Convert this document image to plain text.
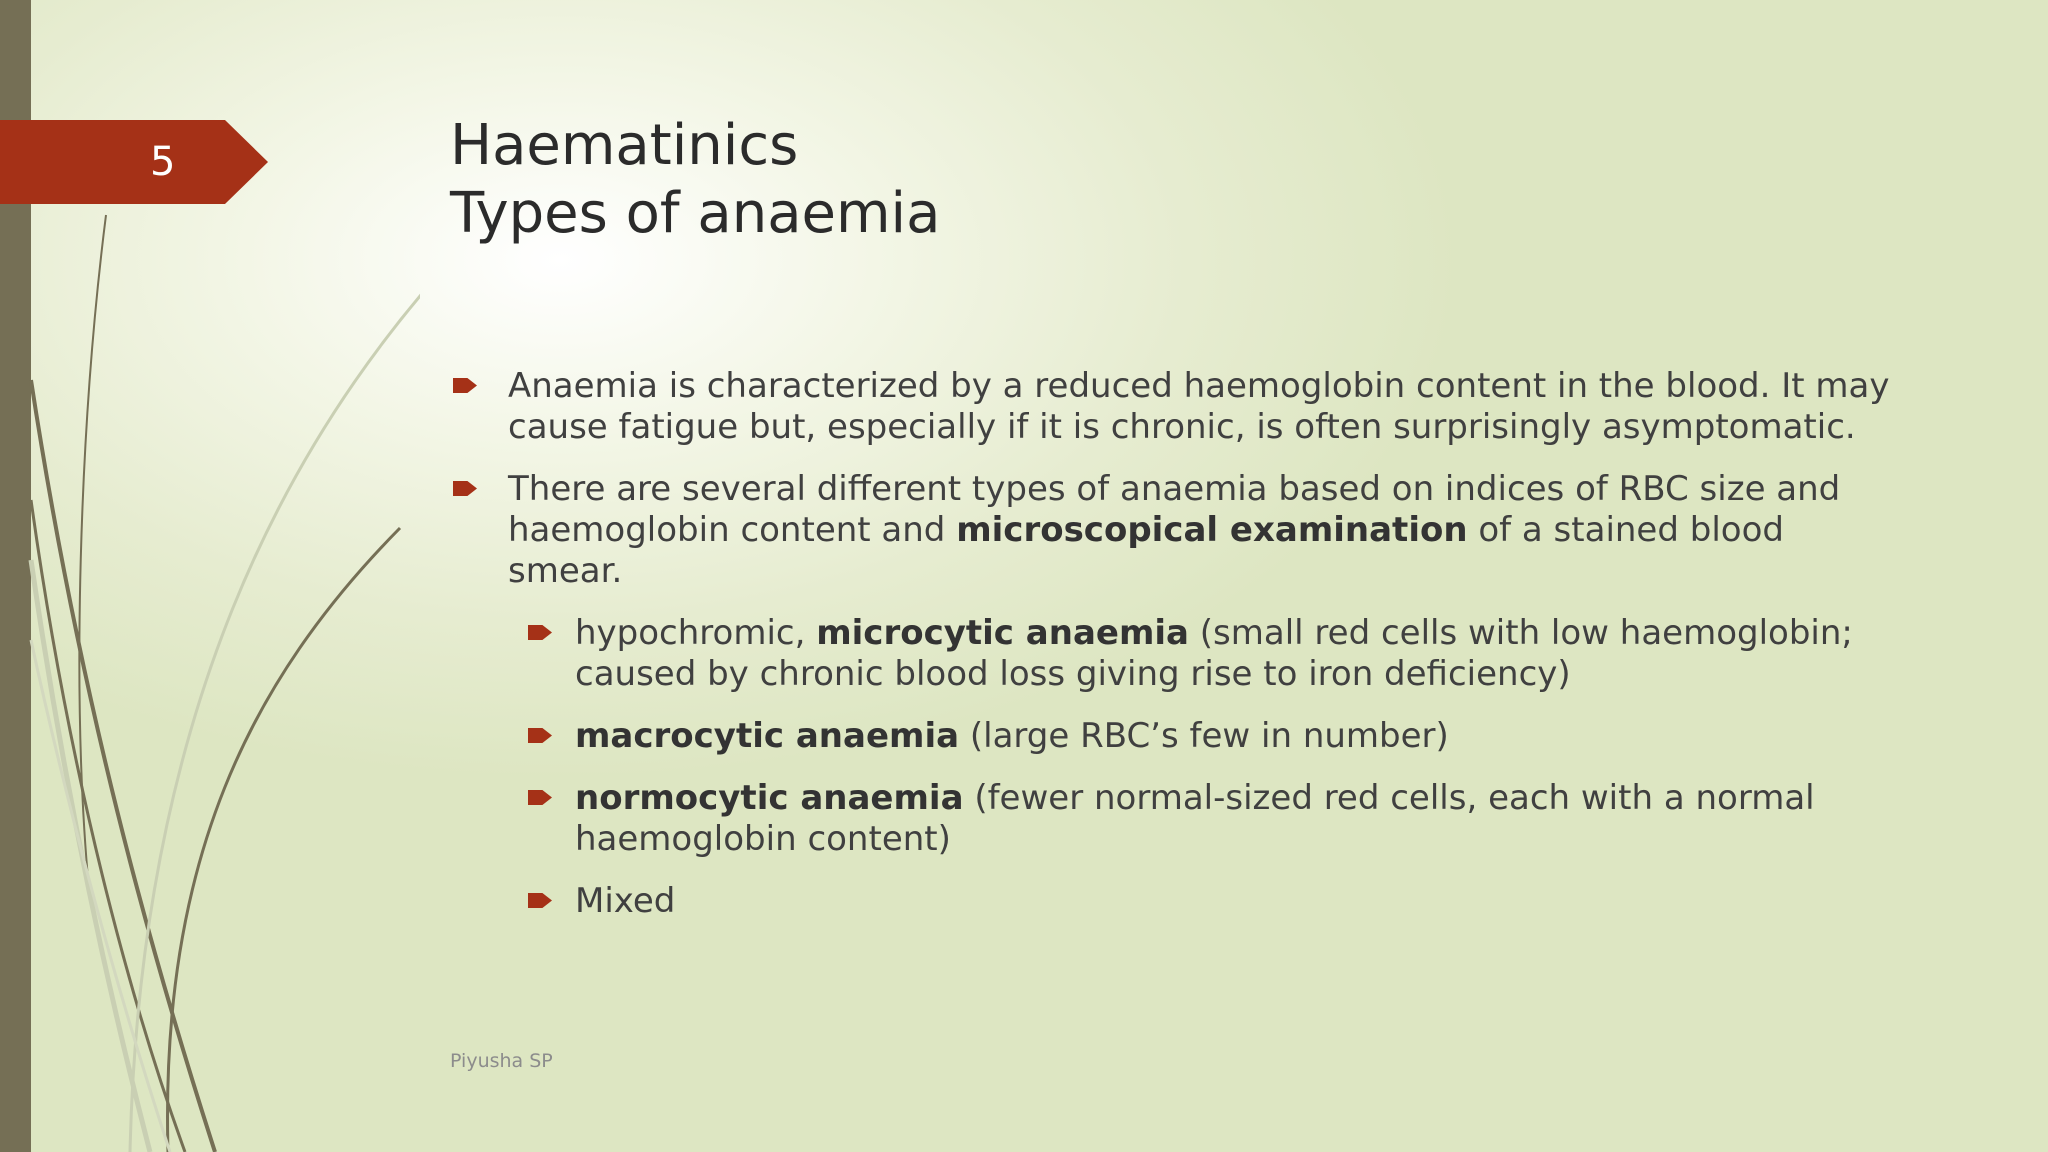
5	Haematinics
Types of anaemia
Anaemia is characterized by a reduced haemoglobin content in the blood. It may cause fatigue but, especially if it is chronic, is often surprisingly asymptomatic.
There are several different types of anaemia based on indices of RBC size and haemoglobin content and microscopical examination of a stained blood smear.
hypochromic, microcytic anaemia (small red cells with low haemoglobin; caused by chronic blood loss giving rise to iron deficiency)
macrocytic anaemia (large RBC’s few in number)
normocytic anaemia (fewer normal-sized red cells, each with a normal haemoglobin content)
Mixed
Piyusha SP
